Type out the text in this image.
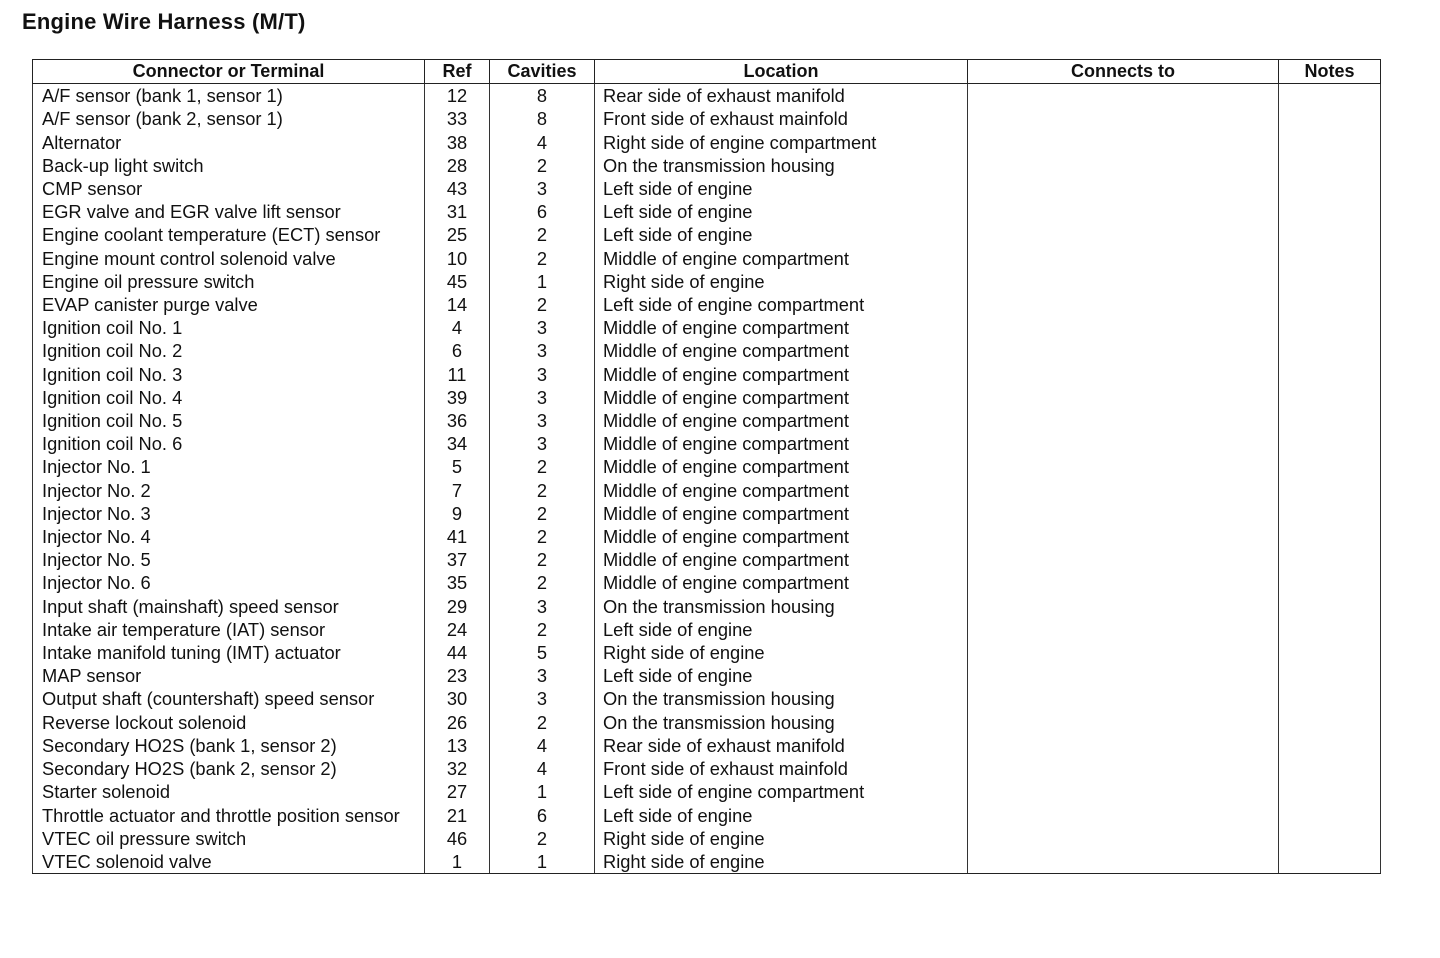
Engine Wire Harness (M/T)
Connector or Terminal	Ref	Cavities	Location	Connects to	Notes
A/F sensor (bank 1, sensor 1)	12	8	Rear side of exhaust manifold		
A/F sensor (bank 2, sensor 1)	33	8	Front side of exhaust mainfold		
Alternator	38	4	Right side of engine compartment		
Back-up light switch	28	2	On the transmission housing		
CMP sensor	43	3	Left side of engine		
EGR valve and EGR valve lift sensor	31	6	Left side of engine		
Engine coolant temperature (ECT) sensor	25	2	Left side of engine		
Engine mount control solenoid valve	10	2	Middle of engine compartment		
Engine oil pressure switch	45	1	Right side of engine		
EVAP canister purge valve	14	2	Left side of engine compartment		
Ignition coil No. 1	4	3	Middle of engine compartment		
Ignition coil No. 2	6	3	Middle of engine compartment		
Ignition coil No. 3	11	3	Middle of engine compartment		
Ignition coil No. 4	39	3	Middle of engine compartment		
Ignition coil No. 5	36	3	Middle of engine compartment		
Ignition coil No. 6	34	3	Middle of engine compartment		
Injector No. 1	5	2	Middle of engine compartment		
Injector No. 2	7	2	Middle of engine compartment		
Injector No. 3	9	2	Middle of engine compartment		
Injector No. 4	41	2	Middle of engine compartment		
Injector No. 5	37	2	Middle of engine compartment		
Injector No. 6	35	2	Middle of engine compartment		
Input shaft (mainshaft) speed sensor	29	3	On the transmission housing		
Intake air temperature (IAT) sensor	24	2	Left side of engine		
Intake manifold tuning (IMT) actuator	44	5	Right side of engine		
MAP sensor	23	3	Left side of engine		
Output shaft (countershaft) speed sensor	30	3	On the transmission housing		
Reverse lockout solenoid	26	2	On the transmission housing		
Secondary HO2S (bank 1, sensor 2)	13	4	Rear side of exhaust manifold		
Secondary HO2S (bank 2, sensor 2)	32	4	Front side of exhaust mainfold		
Starter solenoid	27	1	Left side of engine compartment		
Throttle actuator and throttle position sensor	21	6	Left side of engine		
VTEC oil pressure switch	46	2	Right side of engine		
VTEC solenoid valve	1	1	Right side of engine		
